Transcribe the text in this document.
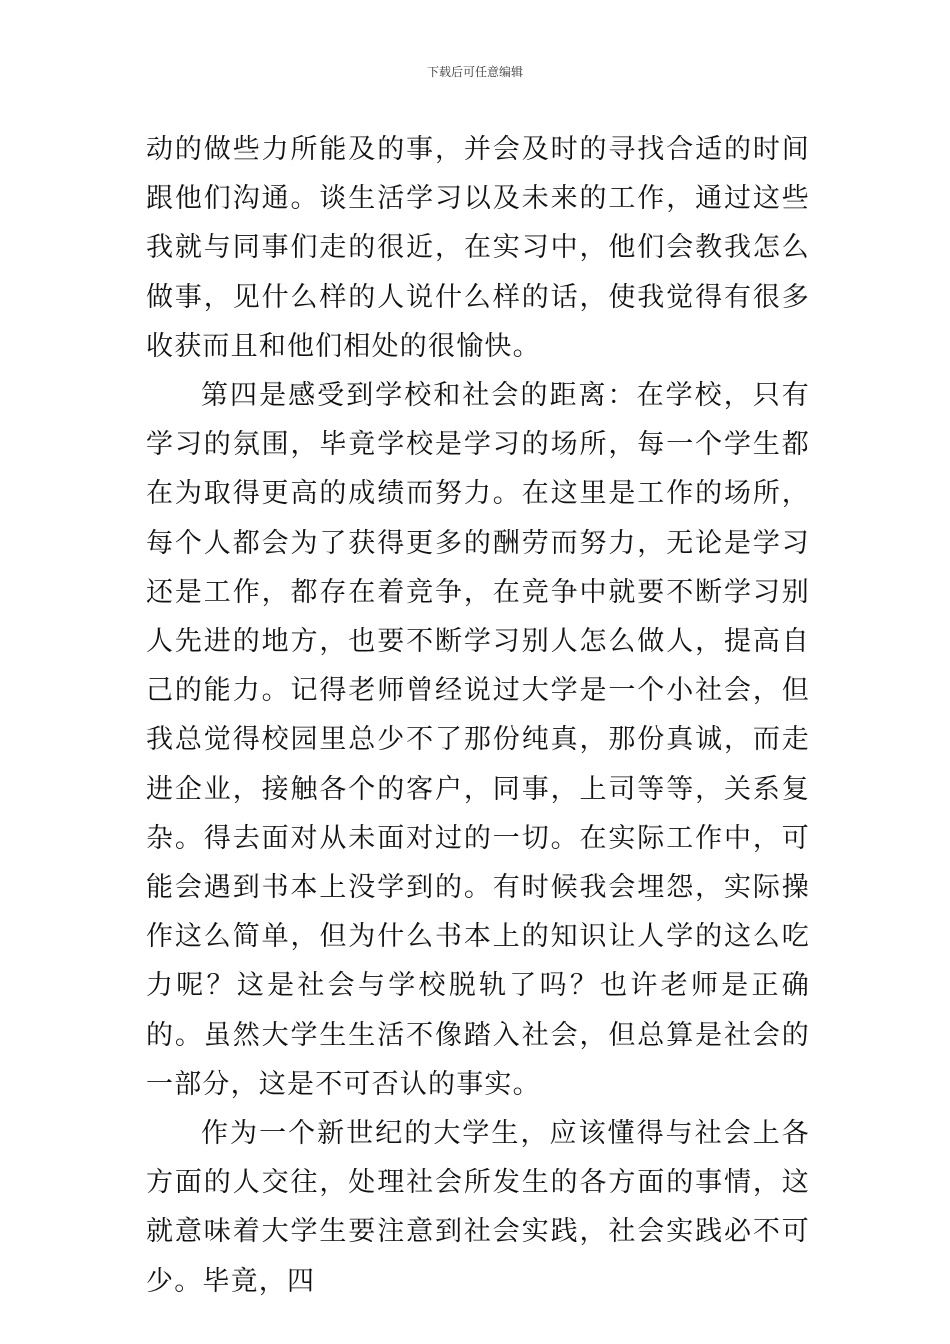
下载后可任意编辑

动的做些力所能及的事，并会及时的寻找合适的时间跟他们沟通。谈生活学习以及未来的工作，通过这些我就与同事们走的很近，在实习中，他们会教我怎么做事，见什么样的人说什么样的话，使我觉得有很多收获而且和他们相处的很愉快。

第四是感受到学校和社会的距离：在学校，只有学习的氛围，毕竟学校是学习的场所，每一个学生都在为取得更高的成绩而努力。在这里是工作的场所，每个人都会为了获得更多的酬劳而努力，无论是学习还是工作，都存在着竞争，在竞争中就要不断学习别人先进的地方，也要不断学习别人怎么做人，提高自己的能力。记得老师曾经说过大学是一个小社会，但我总觉得校园里总少不了那份纯真，那份真诚，而走进企业，接触各个的客户，同事，上司等等，关系复杂。得去面对从未面对过的一切。在实际工作中，可能会遇到书本上没学到的。有时候我会埋怨，实际操作这么简单，但为什么书本上的知识让人学的这么吃力呢？这是社会与学校脱轨了吗？也许老师是正确的。虽然大学生生活不像踏入社会，但总算是社会的一部分，这是不可否认的事实。

作为一个新世纪的大学生，应该懂得与社会上各方面的人交往，处理社会所发生的各方面的事情，这就意味着大学生要注意到社会实践，社会实践必不可少。毕竟，四
